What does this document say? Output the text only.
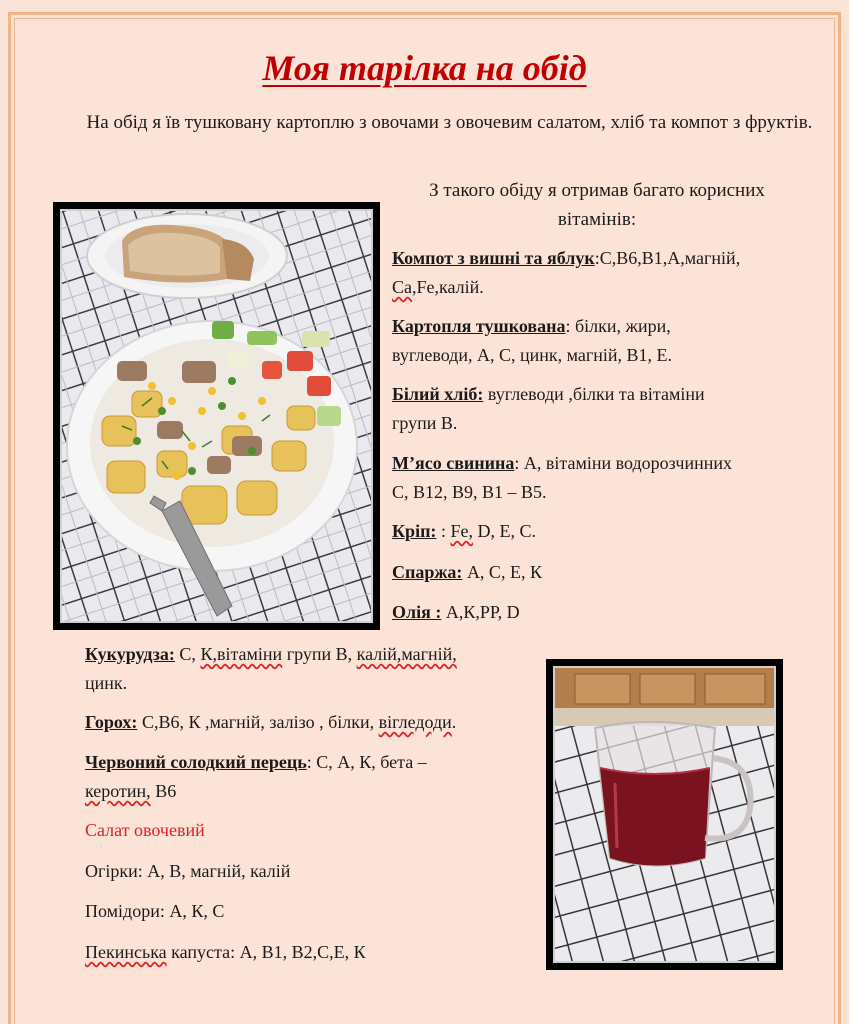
Моя тарілка на обід
На обід я їв тушковану картоплю з овочами з овочевим салатом, хліб та компот з фруктів.
З такого обіду я отримав багато корисних вітамінів:
Компот з вишні та яблук:С,В6,В1,А,магній,
Са,Fe,калій.
Картопля тушкована: білки, жири,
вуглеводи, А, С, цинк, магній, В1, Е.
Білий хліб: вуглеводи ,білки та вітаміни
групи В.
М’ясо свинина: А, вітаміни водорозчинних
С, В12, В9, В1 – В5.
Кріп: : Fe, D, E, C.
Спаржа: А, С, Е, К
Олія : А,К,РР, D
Кукурудза: С, К,вітаміни групи В, калій,магній,
цинк.
Горох: С,В6, К ,магній, залізо , білки, вігледоди.
Червоний солодкий перець: С, А, К, бета –
керотин, В6
Салат овочевий
Огірки: А, В, магній, калій
Помідори: А, К, С
Пекинська капуста: А, В1, В2,С,Е, К
